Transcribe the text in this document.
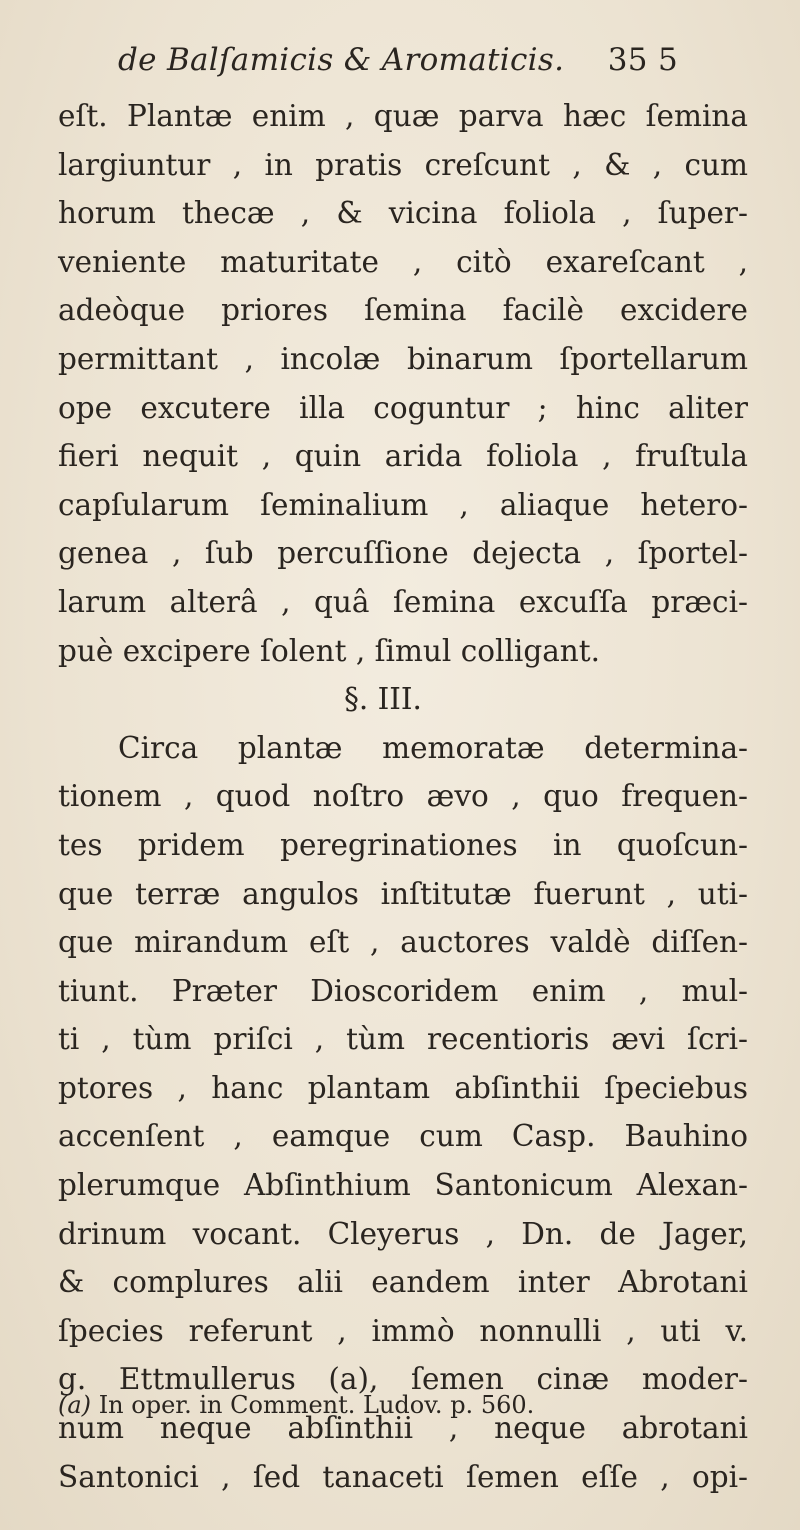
de Balſamicis & Aromaticis. 35 5
eſt. Plantæ enim , quæ parva hæc ſemina
largiuntur , in pratis creſcunt , & , cum
horum thecæ , & vicina foliola , ſuper-
veniente maturitate , citò exareſcant ,
adeòque priores ſemina facilè excidere
permittant , incolæ binarum ſportellarum
ope excutere illa coguntur ; hinc aliter
fieri nequit , quin arida foliola , fruſtula
capſularum ſeminalium , aliaque hetero-
genea , ſub percuſſione dejecta , ſportel-
larum alterâ , quâ ſemina excuſſa præci-
puè excipere ſolent , ſimul colligant.
§. III.
Circa plantæ memoratæ determina-
tionem , quod noſtro ævo , quo frequen-
tes pridem peregrinationes in quoſcun-
que terræ angulos inſtitutæ fuerunt , uti-
que mirandum eſt , auctores valdè diſſen-
tiunt. Præter Dioscoridem enim , mul-
ti , tùm priſci , tùm recentioris ævi ſcri-
ptores , hanc plantam abſinthii ſpeciebus
accenſent , eamque cum Casp. Bauhino
plerumque Abſinthium Santonicum Alexan-
drinum vocant. Cleyerus , Dn. de Jager,
& complures alii eandem inter Abrotani
ſpecies referunt , immò nonnulli , uti v.
g. Ettmullerus (a), ſemen cinæ moder-
num neque abſinthii , neque abrotani
Santonici , ſed tanaceti ſemen eſſe , opi-
(a) In oper. in Comment. Ludov. p. 560.
